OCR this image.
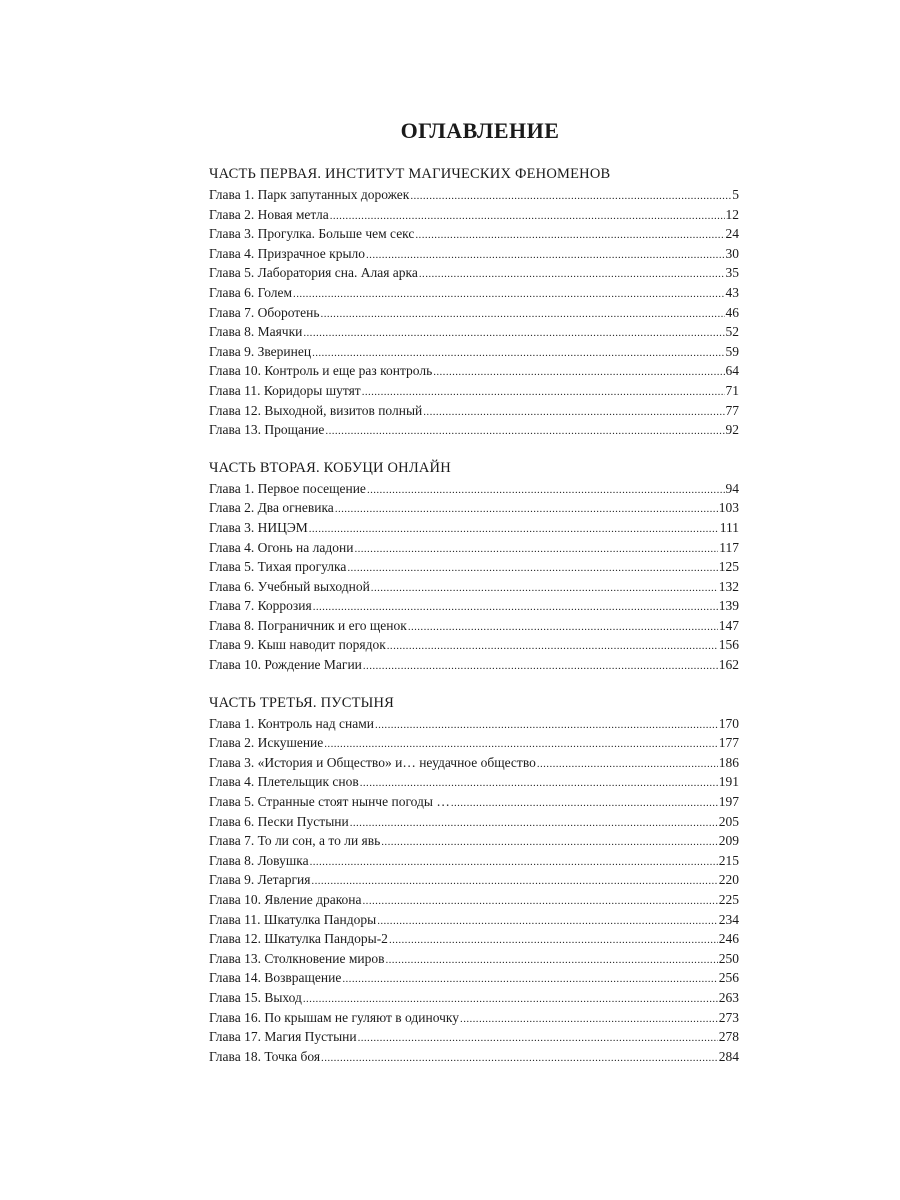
ОГЛАВЛЕНИЕ
ЧАСТЬ ПЕРВАЯ. ИНСТИТУТ МАГИЧЕСКИХ ФЕНОМЕНОВ
Глава 1. Парк запутанных дорожек .....	5
Глава 2. Новая метла .....	12
Глава 3. Прогулка. Больше чем секс .....	24
Глава 4. Призрачное крыло .....	30
Глава 5. Лаборатория сна. Алая арка .....	35
Глава 6. Голем .....	43
Глава 7. Оборотень .....	46
Глава 8. Маячки .....	52
Глава 9. Зверинец .....	59
Глава 10. Контроль и еще раз контроль .....	64
Глава 11. Коридоры шутят .....	71
Глава 12. Выходной, визитов полный .....	77
Глава 13. Прощание .....	92
ЧАСТЬ ВТОРАЯ. КОБУЦИ ОНЛАЙН
Глава 1. Первое посещение .....	94
Глава 2. Два огневика .....	103
Глава 3. НИЦЭМ .....	111
Глава 4. Огонь на ладони .....	117
Глава 5. Тихая прогулка .....	125
Глава 6. Учебный выходной .....	132
Глава 7. Коррозия .....	139
Глава 8. Пограничник и его щенок .....	147
Глава 9. Кыш наводит порядок .....	156
Глава 10. Рождение Магии .....	162
ЧАСТЬ ТРЕТЬЯ. ПУСТЫНЯ
Глава 1. Контроль над снами .....	170
Глава 2. Искушение .....	177
Глава 3. «История и Общество» и… неудачное общество .....	186
Глава 4. Плетельщик снов .....	191
Глава 5. Странные стоят нынче погоды … .....	197
Глава 6. Пески Пустыни .....	205
Глава 7. То ли сон, а то ли явь .....	209
Глава 8. Ловушка .....	215
Глава 9. Летаргия .....	220
Глава 10. Явление дракона .....	225
Глава 11. Шкатулка Пандоры .....	234
Глава 12. Шкатулка Пандоры-2 .....	246
Глава 13. Столкновение миров .....	250
Глава 14. Возвращение .....	256
Глава 15. Выход .....	263
Глава 16. По крышам не гуляют в одиночку .....	273
Глава 17. Магия Пустыни .....	278
Глава 18. Точка боя .....	284
